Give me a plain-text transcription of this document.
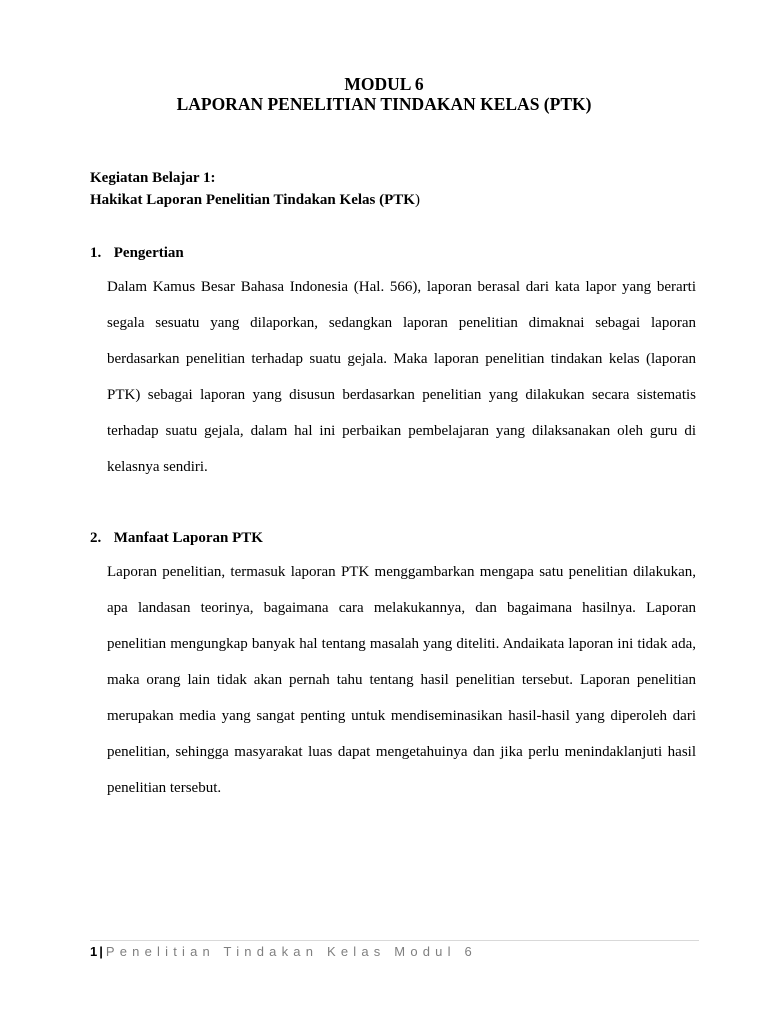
MODUL 6
LAPORAN PENELITIAN TINDAKAN KELAS (PTK)
Kegiatan Belajar 1:
Hakikat Laporan Penelitian Tindakan Kelas (PTK)
1. Pengertian

Dalam Kamus Besar Bahasa Indonesia (Hal. 566), laporan berasal dari kata lapor yang berarti segala sesuatu yang dilaporkan, sedangkan laporan penelitian dimaknai sebagai laporan berdasarkan penelitian terhadap suatu gejala. Maka laporan penelitian tindakan kelas (laporan PTK) sebagai laporan yang disusun berdasarkan penelitian yang dilakukan secara sistematis terhadap suatu gejala, dalam hal ini perbaikan pembelajaran yang dilaksanakan oleh guru di kelasnya sendiri.

2. Manfaat Laporan PTK

Laporan penelitian, termasuk laporan PTK menggambarkan mengapa satu penelitian dilakukan, apa landasan teorinya, bagaimana cara melakukannya, dan bagaimana hasilnya. Laporan penelitian mengungkap banyak hal tentang masalah yang diteliti. Andaikata laporan ini tidak ada, maka orang lain tidak akan pernah tahu tentang hasil penelitian tersebut. Laporan penelitian merupakan media yang sangat penting untuk mendiseminasikan hasil-hasil yang diperoleh dari penelitian, sehingga masyarakat luas dapat mengetahuinya dan jika perlu menindaklanjuti hasil penelitian tersebut.

1 | Penelitian Tindakan Kelas Modul 6
